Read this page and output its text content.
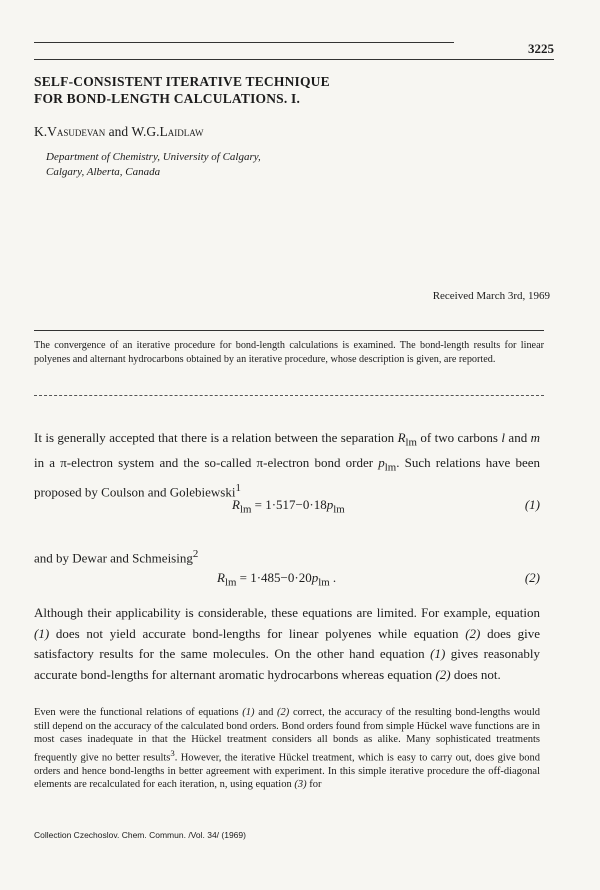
3225
SELF-CONSISTENT ITERATIVE TECHNIQUE
FOR BOND-LENGTH CALCULATIONS. I.
K.Vasudevan and W.G.Laidlaw
Department of Chemistry, University of Calgary,
Calgary, Alberta, Canada
Received March 3rd, 1969
The convergence of an iterative procedure for bond-length calculations is examined. The bond-length results for linear polyenes and alternant hydrocarbons obtained by an iterative procedure, whose description is given, are reported.
It is generally accepted that there is a relation between the separation $R_{lm}$ of two carbons l and m in a π-electron system and the so-called π-electron bond order $p_{lm}$. Such relations have been proposed by Coulson and Golebiewski$^1$
$R_{lm} = 1\cdot 517-0\cdot 18p_{lm}$	(1)
and by Dewar and Schmeising$^2$
$R_{lm} = 1\cdot 485-0\cdot 20p_{lm}$ .	(2)
Although their applicability is considerable, these equations are limited. For example, equation (1) does not yield accurate bond-lengths for linear polyenes while equation (2) does give satisfactory results for the same molecules. On the other hand equation (1) gives reasonably accurate bond-lengths for alternant aromatic hydrocarbons whereas equation (2) does not.
Even were the functional relations of equations (1) and (2) correct, the accuracy of the resulting bond-lengths would still depend on the accuracy of the calculated bond orders. Bond orders found from simple Hückel wave functions are in most cases inadequate in that the Hückel treatment considers all bonds as alike. Many sophisticated treatments frequently give no better results$^3$. However, the iterative Hückel treatment, which is easy to carry out, does give bond orders and hence bond-lengths in better agreement with experiment. In this simple iterative procedure the off-diagonal elements are recalculated for each iteration, n, using equation (3) for
Collection Czechoslov. Chem. Commun. /Vol. 34/ (1969)
